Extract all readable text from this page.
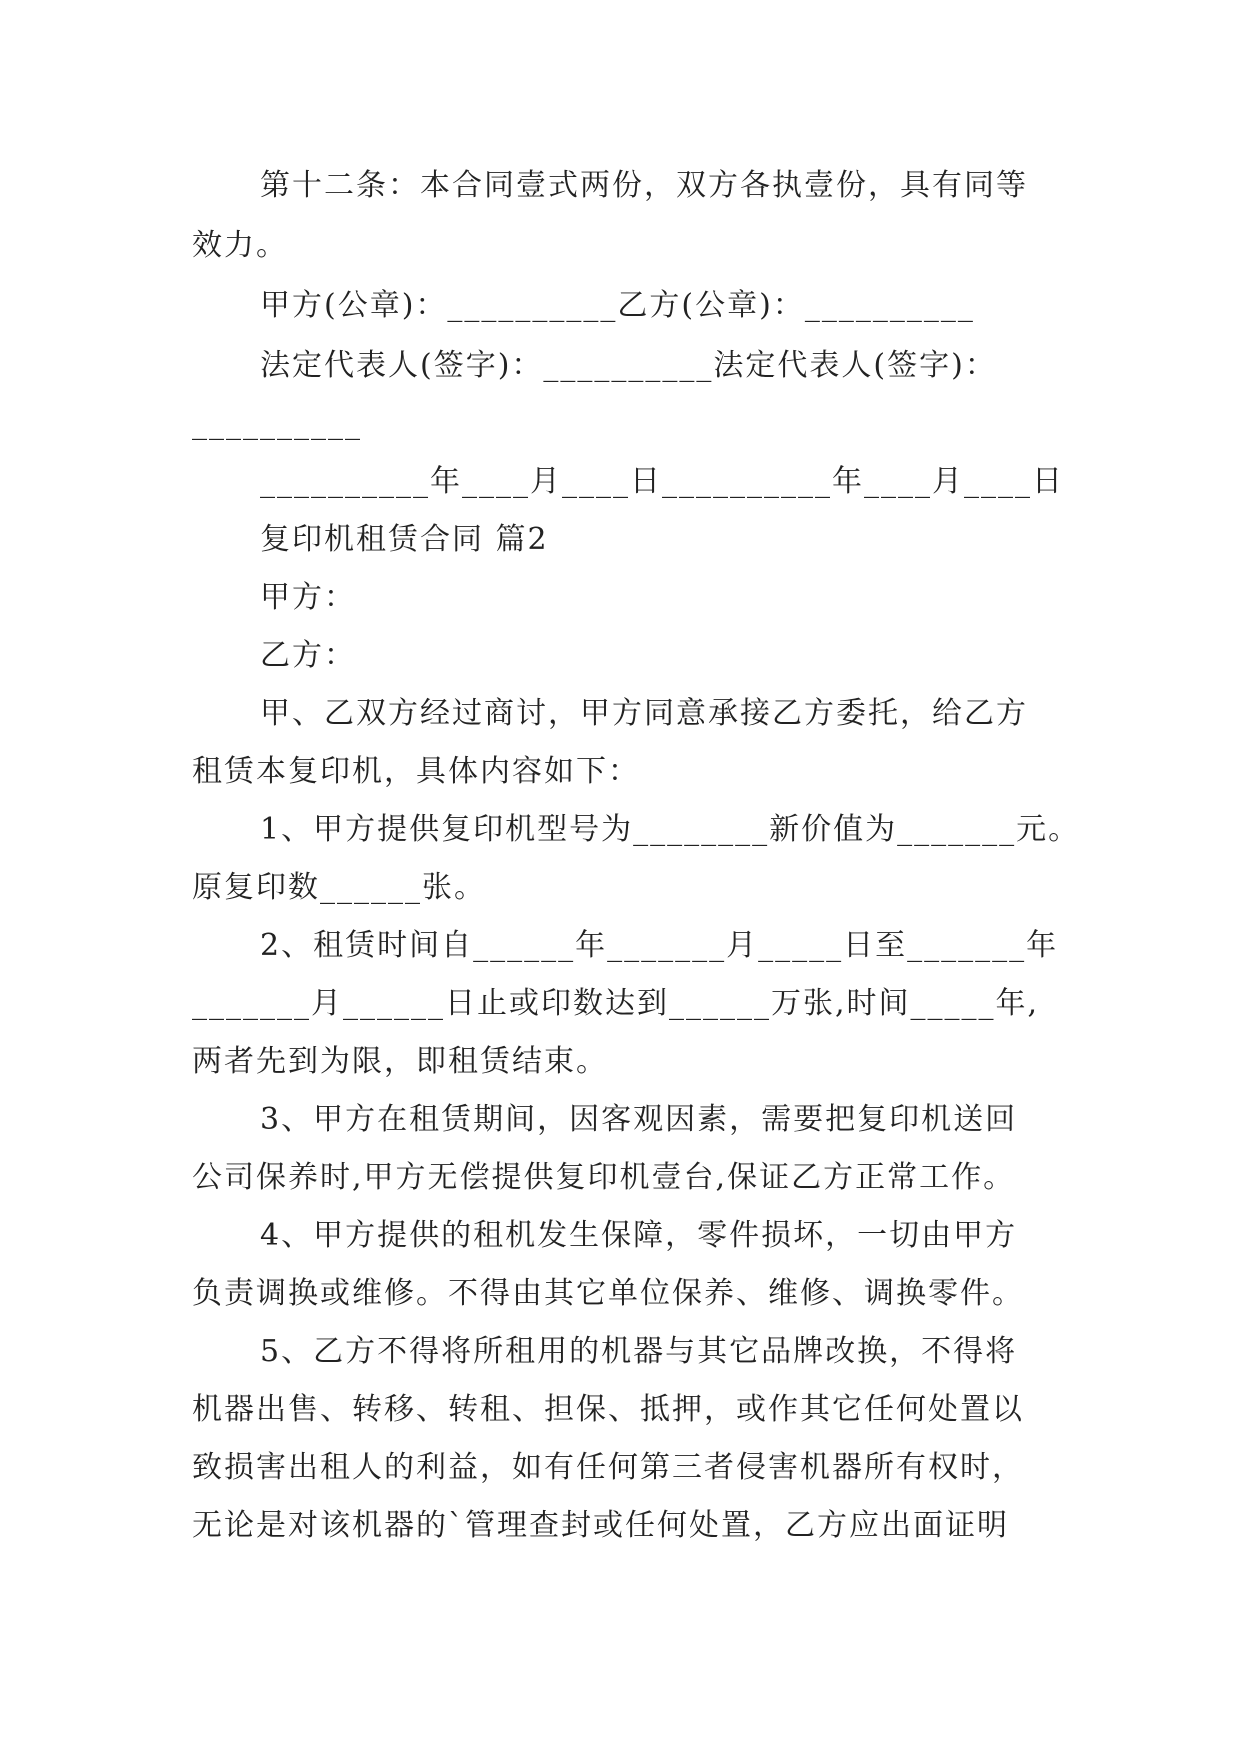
第十二条：本合同壹式两份，双方各执壹份，具有同等

效力。

甲方(公章)：__________乙方(公章)：__________

法定代表人(签字)：__________法定代表人(签字)：

__________

__________年____月____日__________年____月____日

复印机租赁合同 篇2

甲方：

乙方：

甲、乙双方经过商讨，甲方同意承接乙方委托，给乙方

租赁本复印机，具体内容如下：

1、甲方提供复印机型号为________新价值为_______元。

原复印数______张。

2、租赁时间自______年_______月_____日至_______年

_______月______日止或印数达到______万张,时间_____年,

两者先到为限，即租赁结束。

3、甲方在租赁期间，因客观因素，需要把复印机送回

公司保养时,甲方无偿提供复印机壹台,保证乙方正常工作。

4、甲方提供的租机发生保障，零件损坏，一切由甲方

负责调换或维修。不得由其它单位保养、维修、调换零件。

5、乙方不得将所租用的机器与其它品牌改换，不得将

机器出售、转移、转租、担保、抵押，或作其它任何处置以

致损害出租人的利益，如有任何第三者侵害机器所有权时，

无论是对该机器的`管理查封或任何处置，乙方应出面证明
